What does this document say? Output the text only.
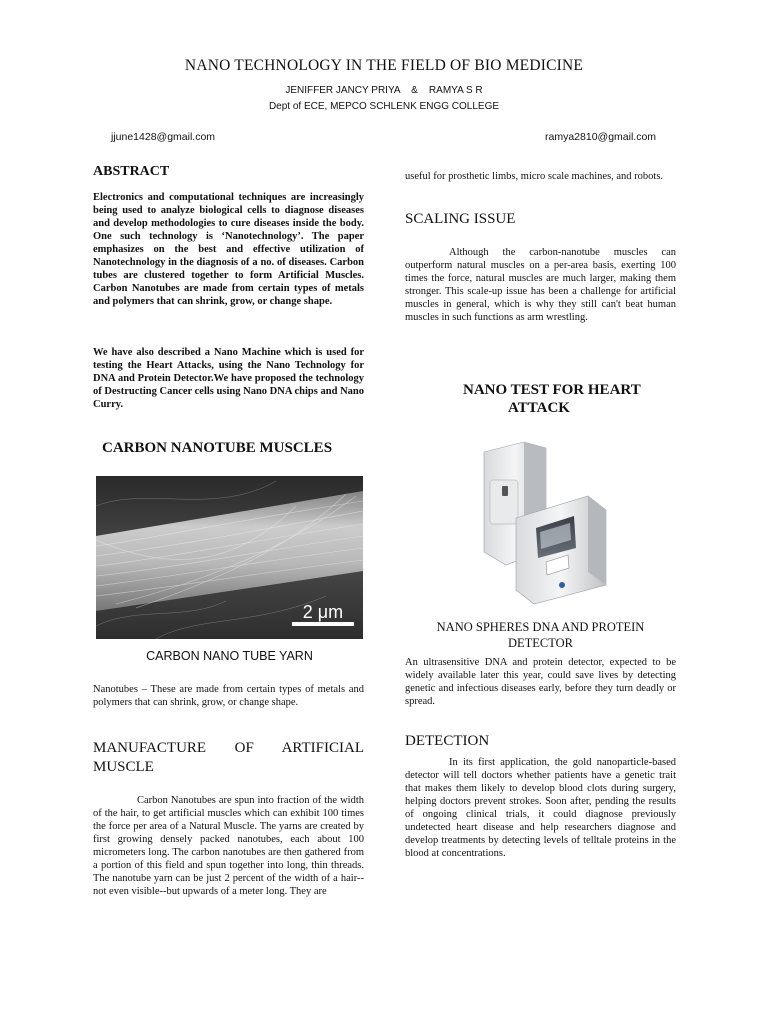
NANO TECHNOLOGY IN THE FIELD OF BIO MEDICINE
JENIFFER JANCY PRIYA & RAMYA S R
Dept of ECE, MEPCO SCHLENK ENGG COLLEGE
jjune1428@gmail.com	ramya2810@gmail.com
ABSTRACT
Electronics and computational techniques are increasingly being used to analyze biological cells to diagnose diseases and develop methodologies to cure diseases inside the body. One such technology is ‘Nanotechnology’. The paper emphasizes on the best and effective utilization of Nanotechnology in the diagnosis of a no. of diseases. Carbon tubes are clustered together to form Artificial Muscles. Carbon Nanotubes are made from certain types of metals and polymers that can shrink, grow, or change shape.
We have also described a Nano Machine which is used for testing the Heart Attacks, using the Nano Technology for DNA and Protein Detector.We have proposed the technology of Destructing Cancer cells using Nano DNA chips and Nano Curry.
CARBON NANOTUBE MUSCLES
2 μm
CARBON NANO TUBE YARN
Nanotubes – These are made from certain types of metals and polymers that can shrink, grow, or change shape.
MANUFACTURE OF ARTIFICIAL MUSCLE
Carbon Nanotubes are spun into fraction of the width of the hair, to get artificial muscles which can exhibit 100 times the force per area of a Natural Muscle. The yarns are created by first growing densely packed nanotubes, each about 100 micrometers long. The carbon nanotubes are then gathered from a portion of this field and spun together into long, thin threads. The nanotube yarn can be just 2 percent of the width of a hair--not even visible--but upwards of a meter long. They are
useful for prosthetic limbs, micro scale machines, and robots.
SCALING ISSUE
Although the carbon-nanotube muscles can outperform natural muscles on a per-area basis, exerting 100 times the force, natural muscles are much larger, making them stronger. This scale-up issue has been a challenge for artificial muscles in general, which is why they still can't beat human muscles in such functions as arm wrestling.
NANO TEST FOR HEART
ATTACK
NANO SPHERES DNA AND PROTEIN
DETECTOR
An ultrasensitive DNA and protein detector, expected to be widely available later this year, could save lives by detecting genetic and infectious diseases early, before they turn deadly or spread.
DETECTION
In its first application, the gold nanoparticle-based detector will tell doctors whether patients have a genetic trait that makes them likely to develop blood clots during surgery, helping doctors prevent strokes. Soon after, pending the results of ongoing clinical trials, it could diagnose previously undetected heart disease and help researchers diagnose and develop treatments by detecting levels of telltale proteins in the blood at concentrations.
